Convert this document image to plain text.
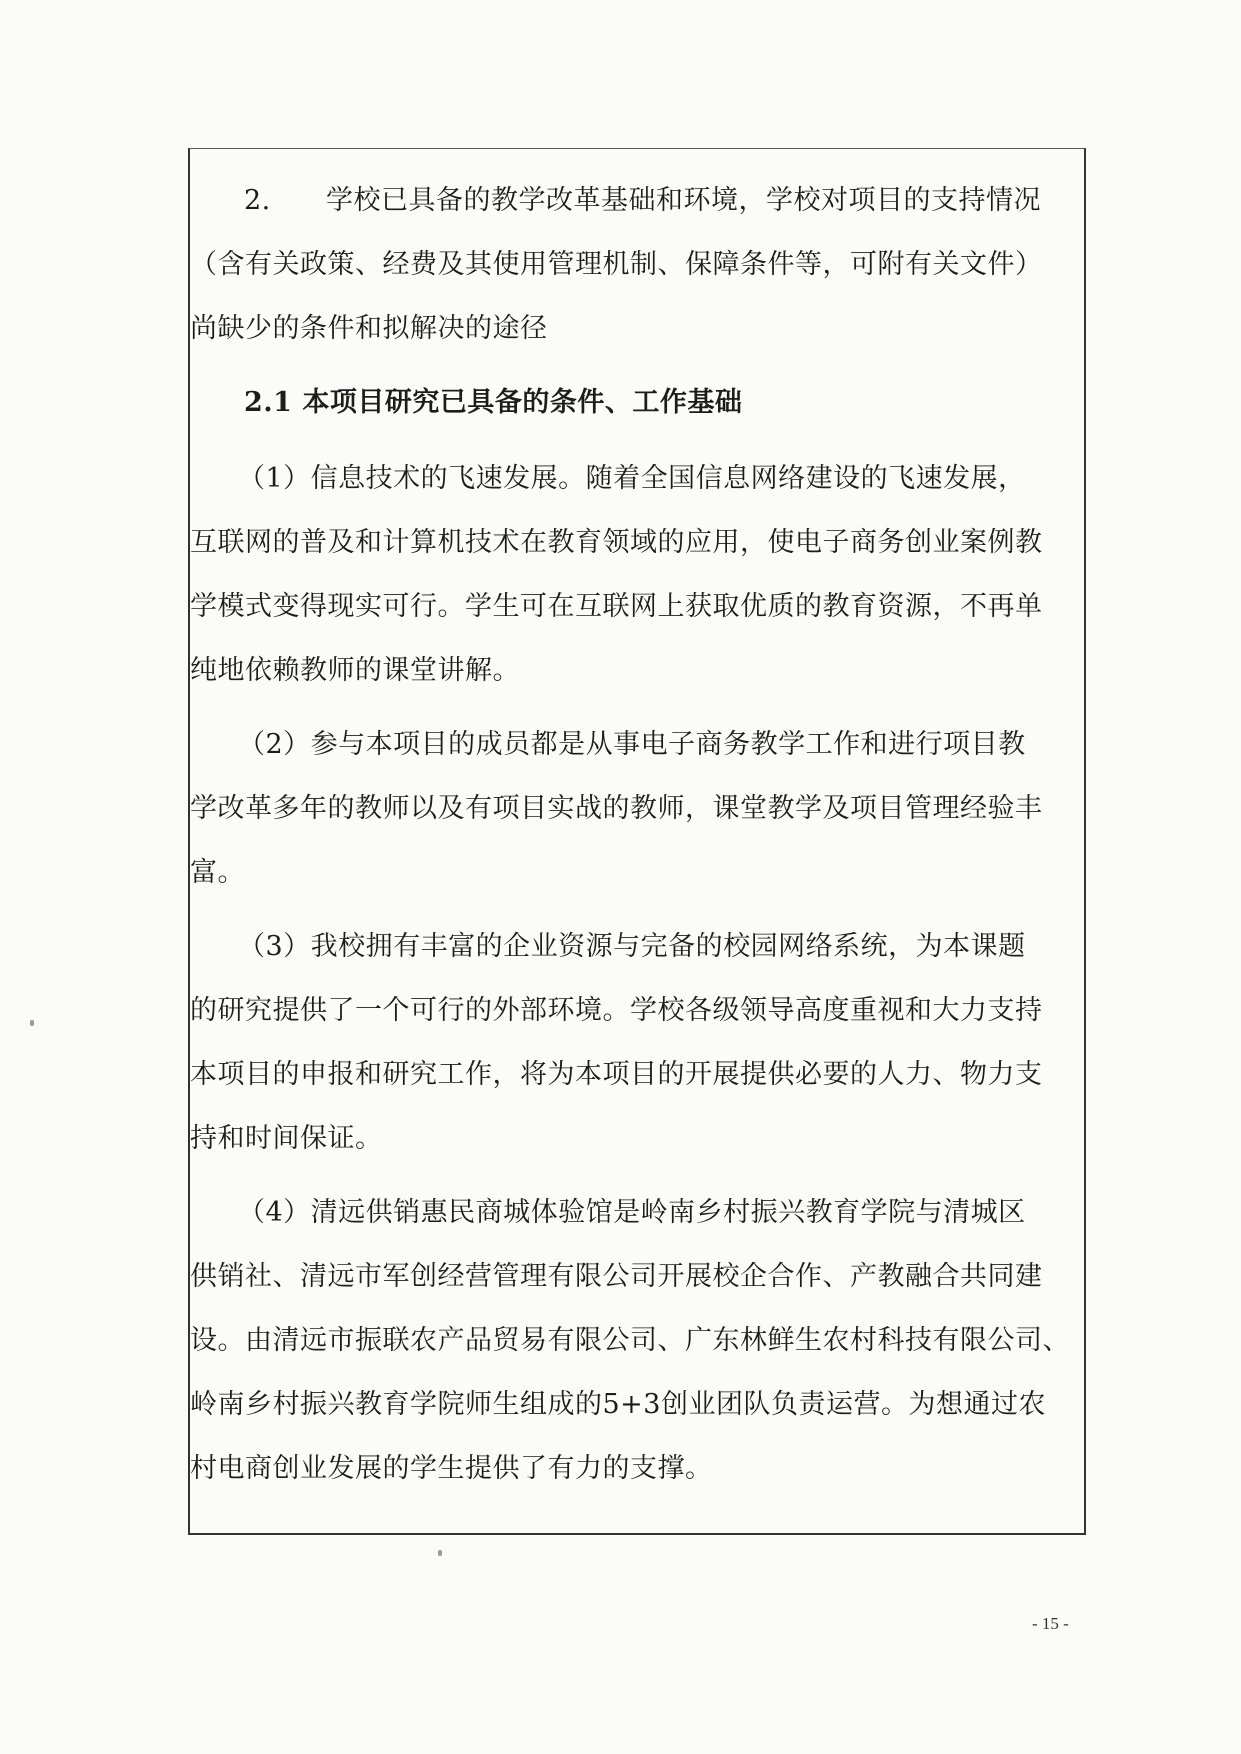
2. 学校已具备的教学改革基础和环境，学校对项目的支持情况
（含有关政策、经费及其使用管理机制、保障条件等，可附有关文件）
尚缺少的条件和拟解决的途径
2.1 本项目研究已具备的条件、工作基础
（1）信息技术的飞速发展。随着全国信息网络建设的飞速发展，
互联网的普及和计算机技术在教育领域的应用，使电子商务创业案例教
学模式变得现实可行。学生可在互联网上获取优质的教育资源，不再单
纯地依赖教师的课堂讲解。
（2）参与本项目的成员都是从事电子商务教学工作和进行项目教
学改革多年的教师以及有项目实战的教师，课堂教学及项目管理经验丰
富。
（3）我校拥有丰富的企业资源与完备的校园网络系统，为本课题
的研究提供了一个可行的外部环境。学校各级领导高度重视和大力支持
本项目的申报和研究工作，将为本项目的开展提供必要的人力、物力支
持和时间保证。
（4）清远供销惠民商城体验馆是岭南乡村振兴教育学院与清城区
供销社、清远市军创经营管理有限公司开展校企合作、产教融合共同建
设。由清远市振联农产品贸易有限公司、广东林鲜生农村科技有限公司、
岭南乡村振兴教育学院师生组成的5+3创业团队负责运营。为想通过农
村电商创业发展的学生提供了有力的支撑。
- 15 -
